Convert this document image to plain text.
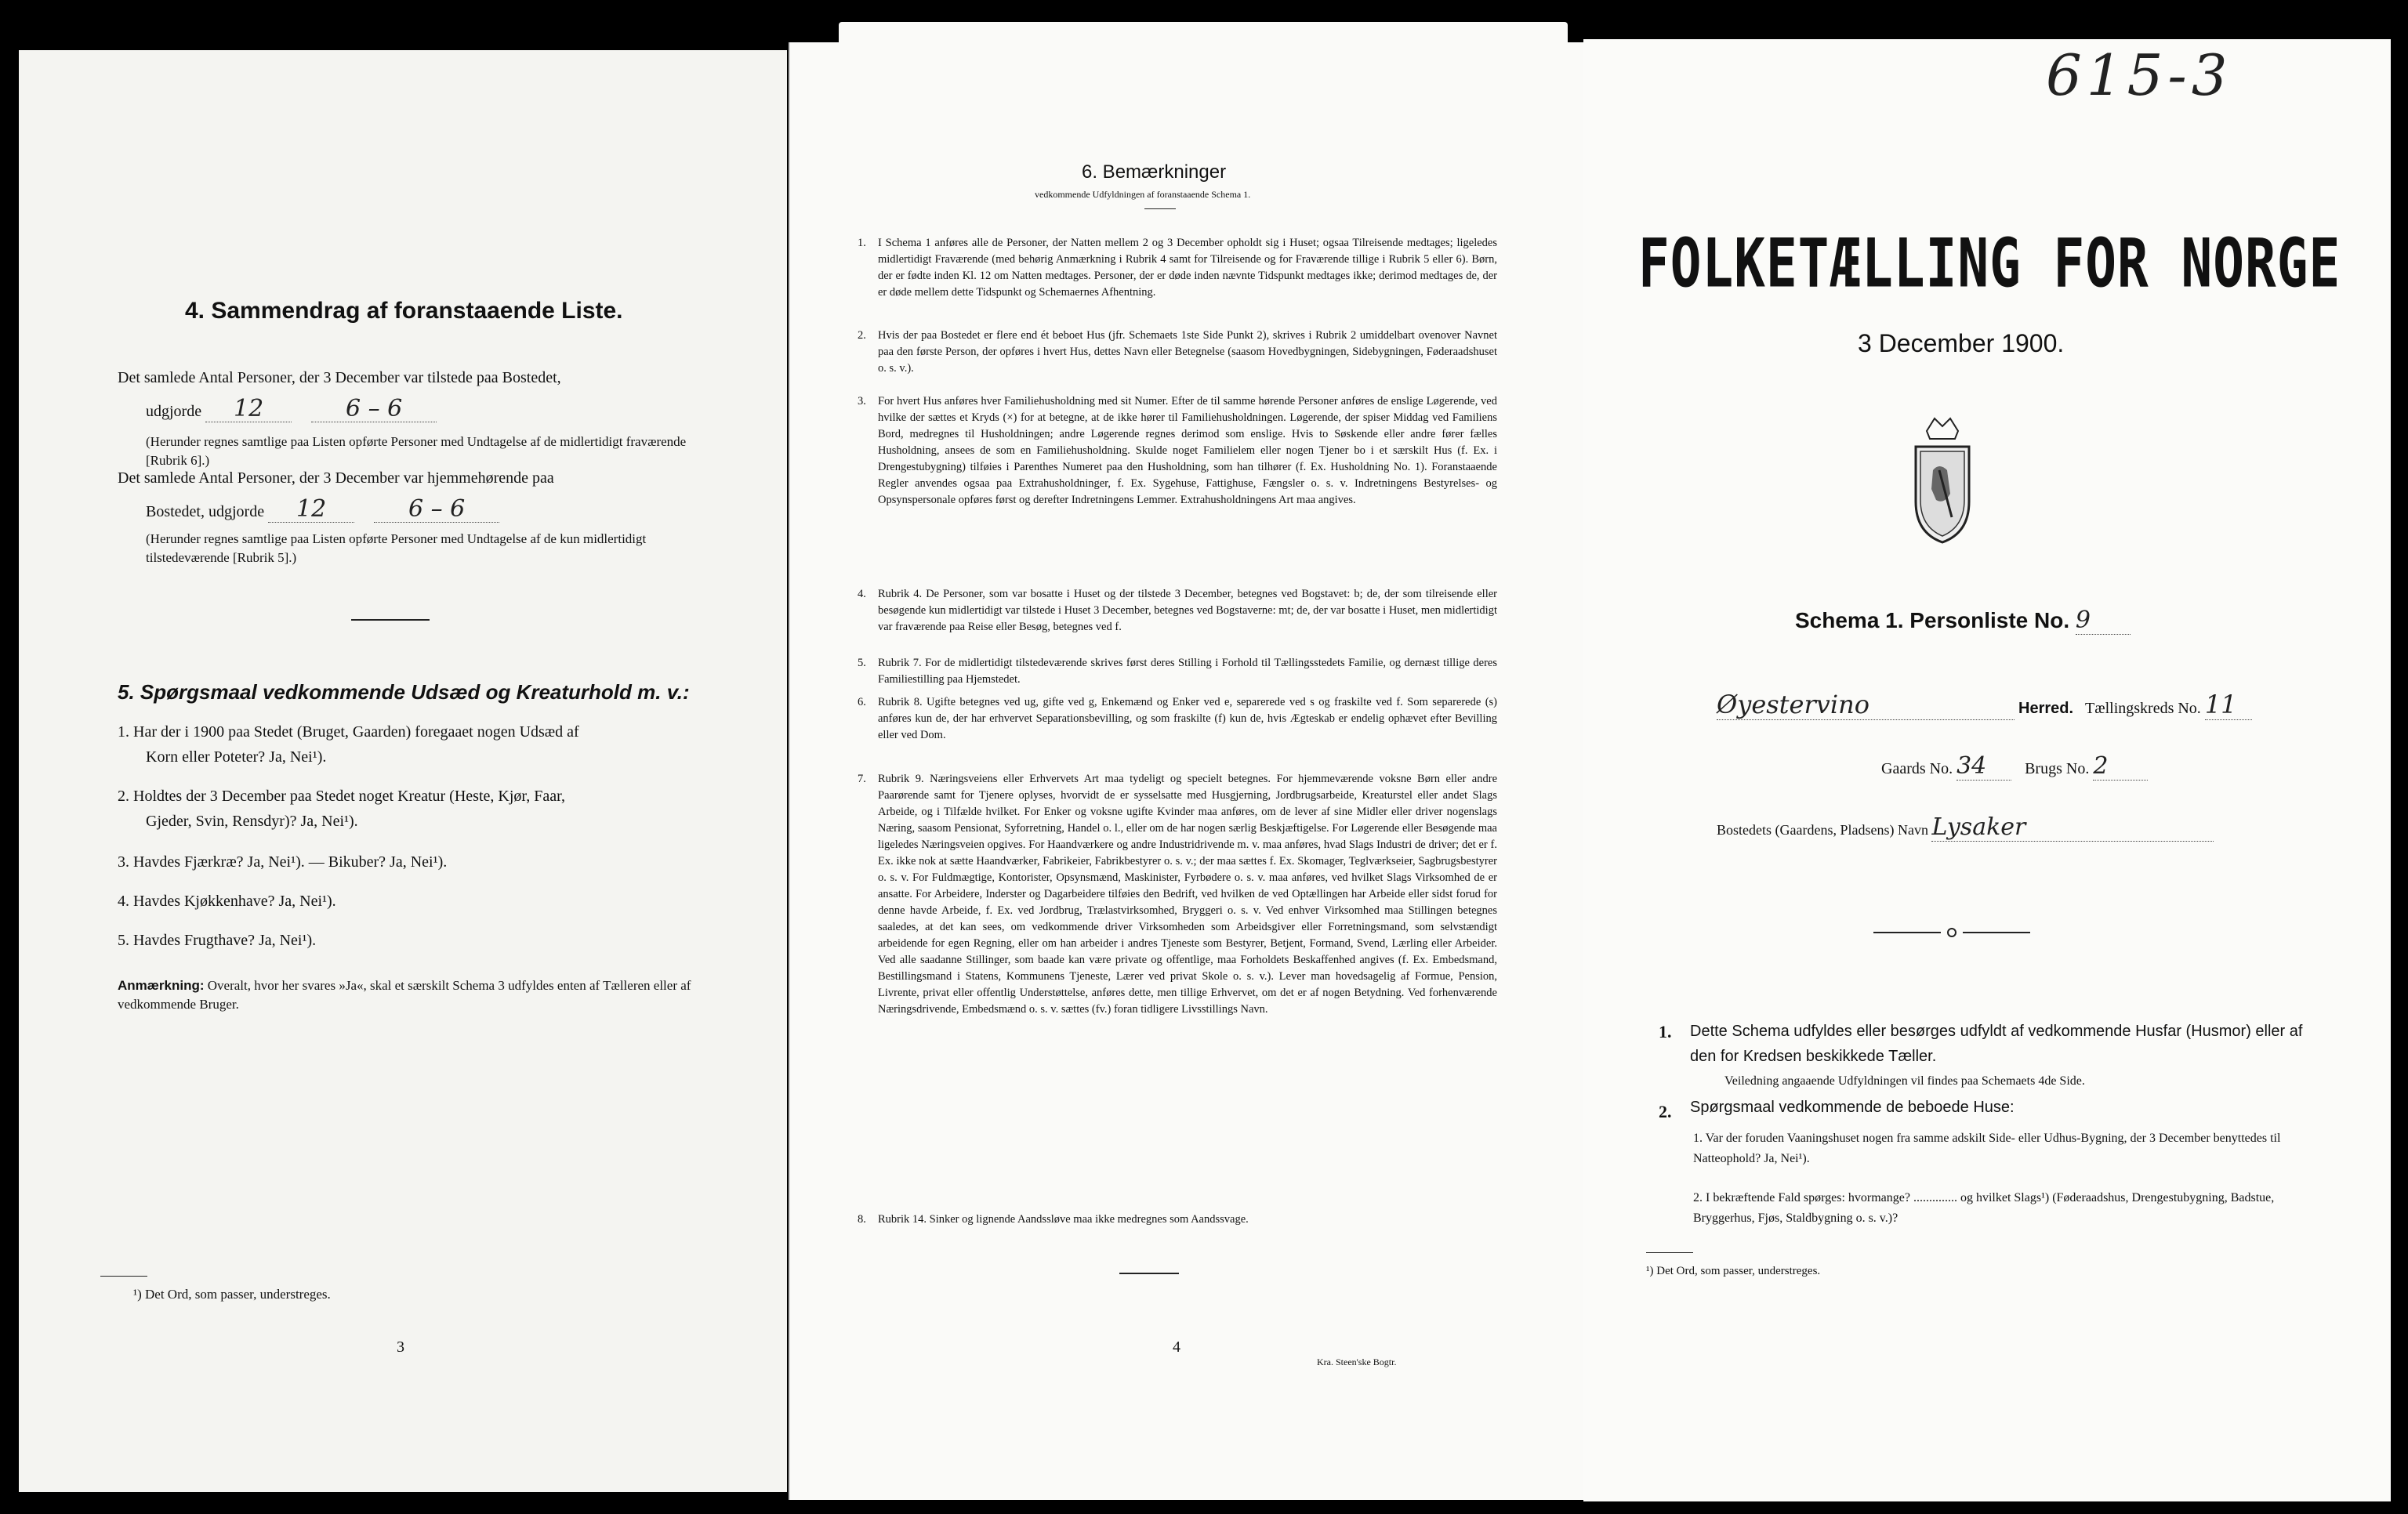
615-3
4. Sammendrag af foranstaaende Liste.
Det samlede Antal Personer, der 3 December var tilstede paa Bostedet,
udgjorde 12	6 – 6
(Herunder regnes samtlige paa Listen opførte Personer med Undtagelse af de midlertidigt fraværende [Rubrik 6].)
Det samlede Antal Personer, der 3 December var hjemmehørende paa
Bostedet, udgjorde 12	6 – 6
(Herunder regnes samtlige paa Listen opførte Personer med Undtagelse af de kun midlertidigt tilstedeværende [Rubrik 5].)
5. Spørgsmaal vedkommende Udsæd og Kreaturhold m. v.:
1. Har der i 1900 paa Stedet (Bruget, Gaarden) foregaaet nogen Udsæd af
Korn eller Poteter? Ja, Nei¹).
2. Holdtes der 3 December paa Stedet noget Kreatur (Heste, Kjør, Faar,
Gjeder, Svin, Rensdyr)? Ja, Nei¹).
3. Havdes Fjærkræ? Ja, Nei¹). — Bikuber? Ja, Nei¹).
4. Havdes Kjøkkenhave? Ja, Nei¹).
5. Havdes Frugthave? Ja, Nei¹).
Anmærkning: Overalt, hvor her svares »Ja«, skal et særskilt Schema 3 udfyldes enten af Tælleren eller af vedkommende Bruger.
¹) Det Ord, som passer, understreges.
3
6. Bemærkninger
vedkommende Udfyldningen af foranstaaende Schema 1.
1. I Schema 1 anføres alle de Personer, der Natten mellem 2 og 3 December opholdt sig i Huset; ogsaa Tilreisende medtages; ligeledes midlertidigt Fraværende (med behørig Anmærkning i Rubrik 4 samt for Tilreisende og for Fraværende tillige i Rubrik 5 eller 6). Børn, der er fødte inden Kl. 12 om Natten medtages. Personer, der er døde inden nævnte Tidspunkt medtages ikke; derimod medtages de, der er døde mellem dette Tidspunkt og Schemaernes Afhentning.
2. Hvis der paa Bostedet er flere end ét beboet Hus (jfr. Schemaets 1ste Side Punkt 2), skrives i Rubrik 2 umiddelbart ovenover Navnet paa den første Person, der opføres i hvert Hus, dettes Navn eller Betegnelse (saasom Hovedbygningen, Sidebygningen, Føderaadshuset o. s. v.).
3. For hvert Hus anføres hver Familiehusholdning med sit Numer. Efter de til samme hørende Personer anføres de enslige Løgerende, ved hvilke der sættes et Kryds (×) for at betegne, at de ikke hører til Familiehusholdningen. Løgerende, der spiser Middag ved Familiens Bord, medregnes til Husholdningen; andre Løgerende regnes derimod som enslige. Hvis to Søskende eller andre fører fælles Husholdning, ansees de som en Familiehusholdning. Skulde noget Familielem eller nogen Tjener bo i et særskilt Hus (f. Ex. i Drengestubygning) tilføies i Parenthes Numeret paa den Husholdning, som han tilhører (f. Ex. Husholdning No. 1). Foranstaaende Regler anvendes ogsaa paa Extrahusholdninger, f. Ex. Sygehuse, Fattighuse, Fængsler o. s. v. Indretningens Bestyrelses- og Opsynspersonale opføres først og derefter Indretningens Lemmer. Extrahusholdningens Art maa angives.
4. Rubrik 4. De Personer, som var bosatte i Huset og der tilstede 3 December, betegnes ved Bogstavet: b; de, der som tilreisende eller besøgende kun midlertidigt var tilstede i Huset 3 December, betegnes ved Bogstaverne: mt; de, der var bosatte i Huset, men midlertidigt var fraværende paa Reise eller Besøg, betegnes ved f.
5. Rubrik 7. For de midlertidigt tilstedeværende skrives først deres Stilling i Forhold til Tællingsstedets Familie, og dernæst tillige deres Familiestilling paa Hjemstedet.
6. Rubrik 8. Ugifte betegnes ved ug, gifte ved g, Enkemænd og Enker ved e, separerede ved s og fraskilte ved f. Som separerede (s) anføres kun de, der har erhvervet Separationsbevilling, og som fraskilte (f) kun de, hvis Ægteskab er endelig ophævet efter Bevilling eller ved Dom.
7. Rubrik 9. Næringsveiens eller Erhvervets Art maa tydeligt og specielt betegnes. For hjemmeværende voksne Børn eller andre Paarørende samt for Tjenere oplyses, hvorvidt de er sysselsatte med Husgjerning, Jordbrugsarbeide, Kreaturstel eller andet Slags Arbeide, og i Tilfælde hvilket. For Enker og voksne ugifte Kvinder maa anføres, om de lever af sine Midler eller driver nogenslags Næring, saasom Pensionat, Syforretning, Handel o. l., eller om de har nogen særlig Beskjæftigelse. For Løgerende eller Besøgende maa ligeledes Næringsveien opgives. For Haandværkere og andre Industridrivende m. v. maa anføres, hvad Slags Industri de driver; det er f. Ex. ikke nok at sætte Haandværker, Fabrikeier, Fabrikbestyrer o. s. v.; der maa sættes f. Ex. Skomager, Teglværkseier, Sagbrugsbestyrer o. s. v. For Fuldmægtige, Kontorister, Opsynsmænd, Maskinister, Fyrbødere o. s. v. maa anføres, ved hvilket Slags Virksomhed de er ansatte. For Arbeidere, Inderster og Dagarbeidere tilføies den Bedrift, ved hvilken de ved Optællingen har Arbeide eller sidst forud for denne havde Arbeide, f. Ex. ved Jordbrug, Trælastvirksomhed, Bryggeri o. s. v. Ved enhver Virksomhed maa Stillingen betegnes saaledes, at det kan sees, om vedkommende driver Virksomheden som Arbeidsgiver eller Forretningsmand, som selvstændigt arbeidende for egen Regning, eller om han arbeider i andres Tjeneste som Bestyrer, Betjent, Formand, Svend, Lærling eller Arbeider. Ved alle saadanne Stillinger, som baade kan være private og offentlige, maa Forholdets Beskaffenhed angives (f. Ex. Embedsmand, Bestillingsmand i Statens, Kommunens Tjeneste, Lærer ved privat Skole o. s. v.). Lever man hovedsagelig af Formue, Pension, Livrente, privat eller offentlig Understøttelse, anføres dette, men tillige Erhvervet, om det er af nogen Betydning. Ved forhenværende Næringsdrivende, Embedsmænd o. s. v. sættes (fv.) foran tidligere Livsstillings Navn.
8. Rubrik 14. Sinker og lignende Aandssløve maa ikke medregnes som Aandssvage.
4
Kra. Steen'ske Bogtr.
FOLKETÆLLING FOR NORGE
3 December 1900.
Schema 1. Personliste No. 9
Øyestervino	Herred. Tællingskreds No. 11
Gaards No. 34 Brugs No. 2
Bostedets (Gaardens, Pladsens) Navn Lysaker
1. Dette Schema udfyldes eller besørges udfyldt af vedkommende Husfar (Husmor) eller af den for Kredsen beskikkede Tæller.
Veiledning angaaende Udfyldningen vil findes paa Schemaets 4de Side.
2. Spørgsmaal vedkommende de beboede Huse:
1. Var der foruden Vaaningshuset nogen fra samme adskilt Side- eller Udhus-Bygning, der 3 December benyttedes til Natteophold? Ja, Nei¹).
2. I bekræftende Fald spørges: hvormange? .............. og hvilket Slags¹) (Føderaadshus, Drengestubygning, Badstue, Bryggerhus, Fjøs, Staldbygning o. s. v.)?
¹) Det Ord, som passer, understreges.
